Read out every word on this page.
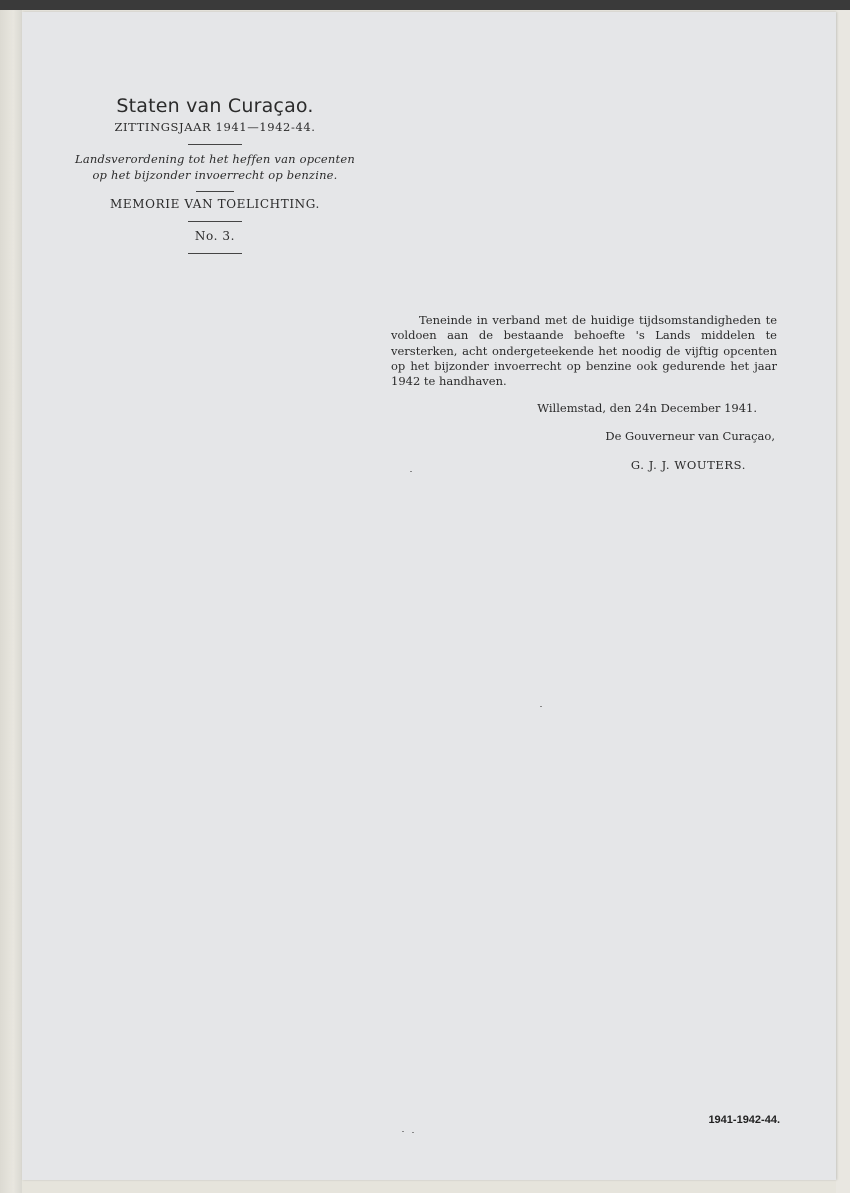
Staten van Curaçao.

ZITTINGSJAAR 1941—1942-44.

Landsverordening tot het heffen van opcenten

op het bijzonder invoerrecht op benzine.

MEMORIE VAN TOELICHTING.

No. 3.

Teneinde in verband met de huidige tijdsomstandigheden te voldoen aan de bestaande behoefte 's Lands middelen te versterken, acht ondergeteekende het noodig de vijftig opcenten op het bijzonder invoerrecht op benzine ook gedurende het jaar 1942 te handhaven.

Willemstad, den 24n December 1941.

De Gouverneur van Curaçao,

G. J. J. WOUTERS.

1941-1942-44.
